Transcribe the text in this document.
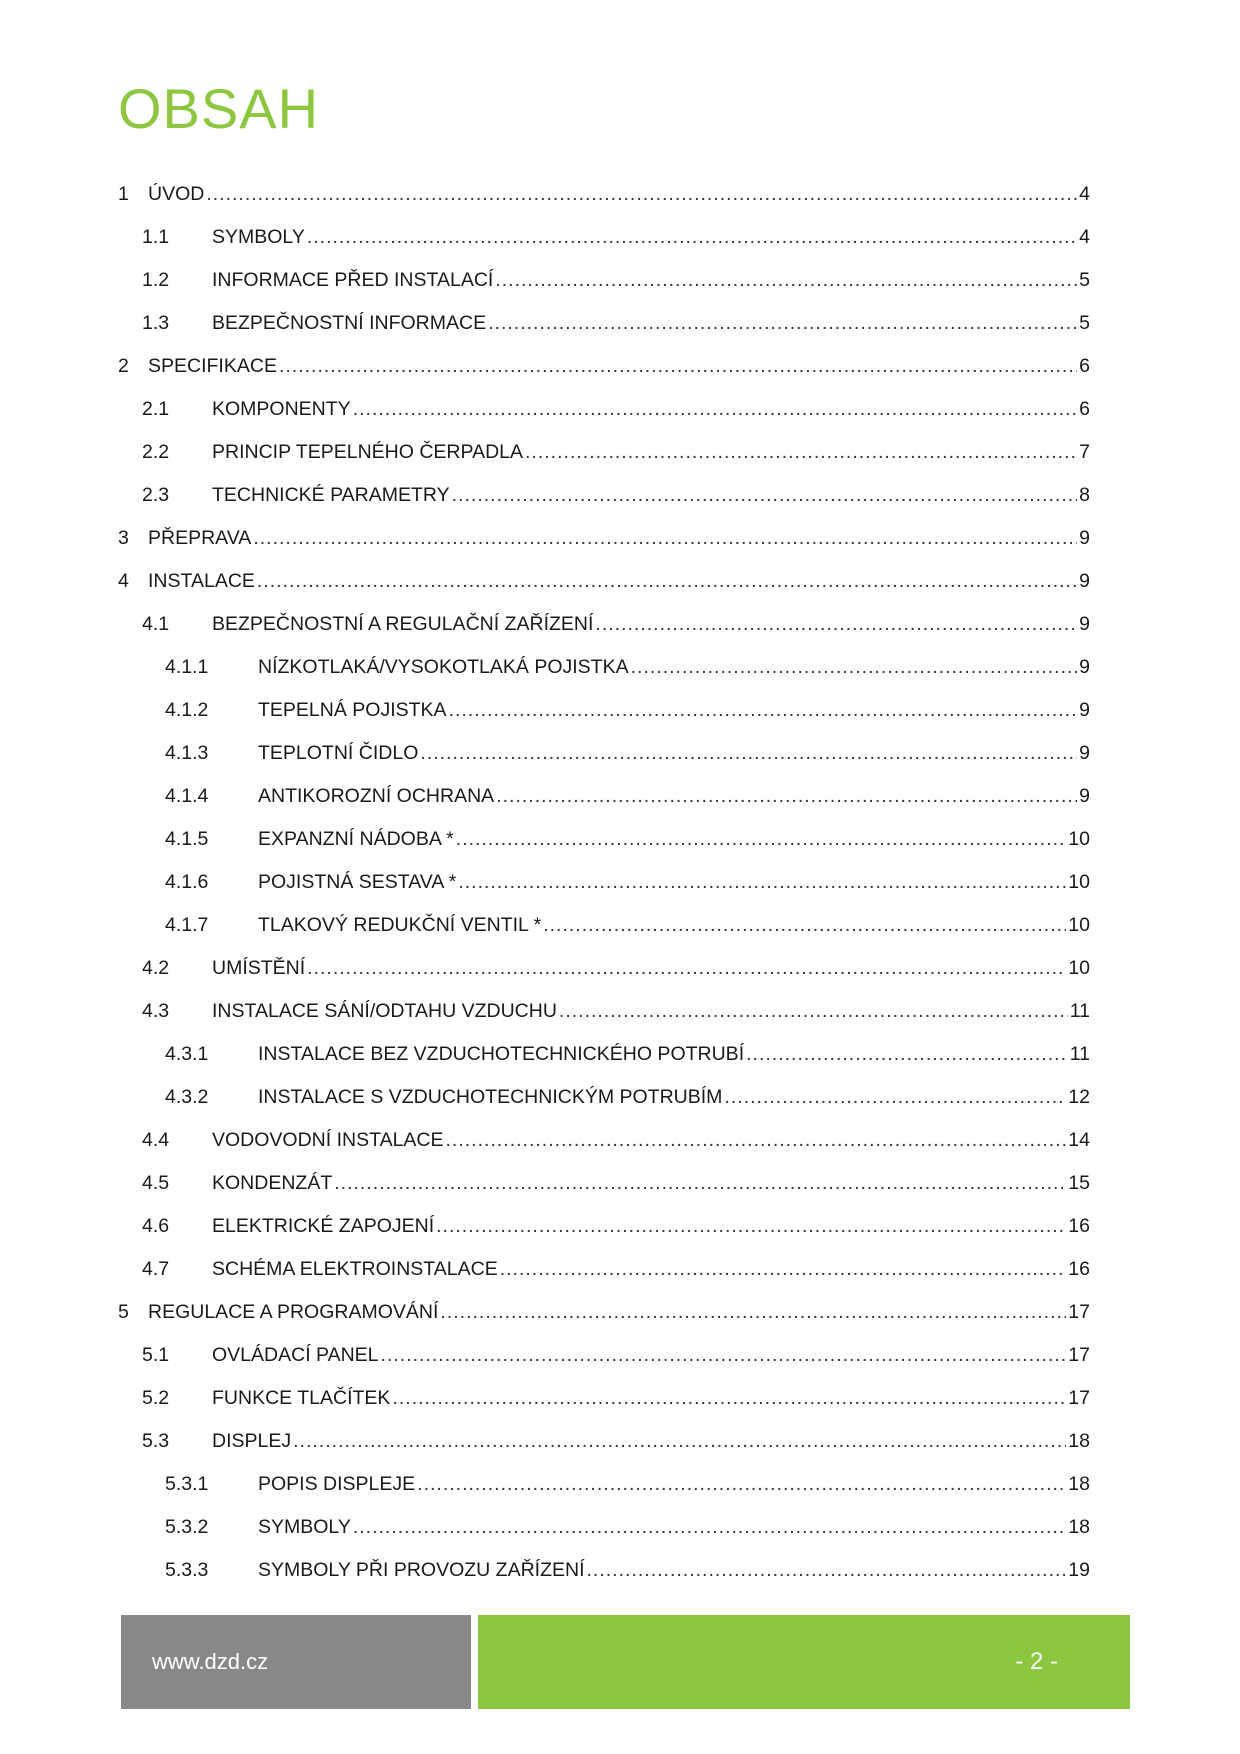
OBSAH
1 ÚVOD .....	4
1.1	SYMBOLY .....	4
1.2	INFORMACE PŘED INSTALACÍ .....	5
1.3	BEZPEČNOSTNÍ INFORMACE .....	5
2 SPECIFIKACE .....	6
2.1	KOMPONENTY .....	6
2.2	PRINCIP TEPELNÉHO ČERPADLA .....	7
2.3	TECHNICKÉ PARAMETRY .....	8
3 PŘEPRAVA .....	9
4 INSTALACE .....	9
4.1	BEZPEČNOSTNÍ A REGULAČNÍ ZAŘÍZENÍ .....	9
4.1.1	NÍZKOTLAKÁ/VYSOKOTLAKÁ POJISTKA .....	9
4.1.2	TEPELNÁ POJISTKA .....	9
4.1.3	TEPLOTNÍ ČIDLO .....	9
4.1.4	ANTIKOROZNÍ OCHRANA .....	9
4.1.5	EXPANZNÍ NÁDOBA * .....	10
4.1.6	POJISTNÁ SESTAVA * .....	10
4.1.7	TLAKOVÝ REDUKČNÍ VENTIL * .....	10
4.2	UMÍSTĚNÍ .....	10
4.3	INSTALACE SÁNÍ/ODTAHU VZDUCHU .....	11
4.3.1	INSTALACE BEZ VZDUCHOTECHNICKÉHO POTRUBÍ .....	11
4.3.2	INSTALACE S VZDUCHOTECHNICKÝM POTRUBÍM .....	12
4.4	VODOVODNÍ INSTALACE .....	14
4.5	KONDENZÁT .....	15
4.6	ELEKTRICKÉ ZAPOJENÍ .....	16
4.7	SCHÉMA ELEKTROINSTALACE .....	16
5 REGULACE A PROGRAMOVÁNÍ .....	17
5.1	OVLÁDACÍ PANEL .....	17
5.2	FUNKCE TLAČÍTEK .....	17
5.3	DISPLEJ .....	18
5.3.1	POPIS DISPLEJE .....	18
5.3.2	SYMBOLY .....	18
5.3.3	SYMBOLY PŘI PROVOZU ZAŘÍZENÍ .....	19
www.dzd.cz	- 2 -
